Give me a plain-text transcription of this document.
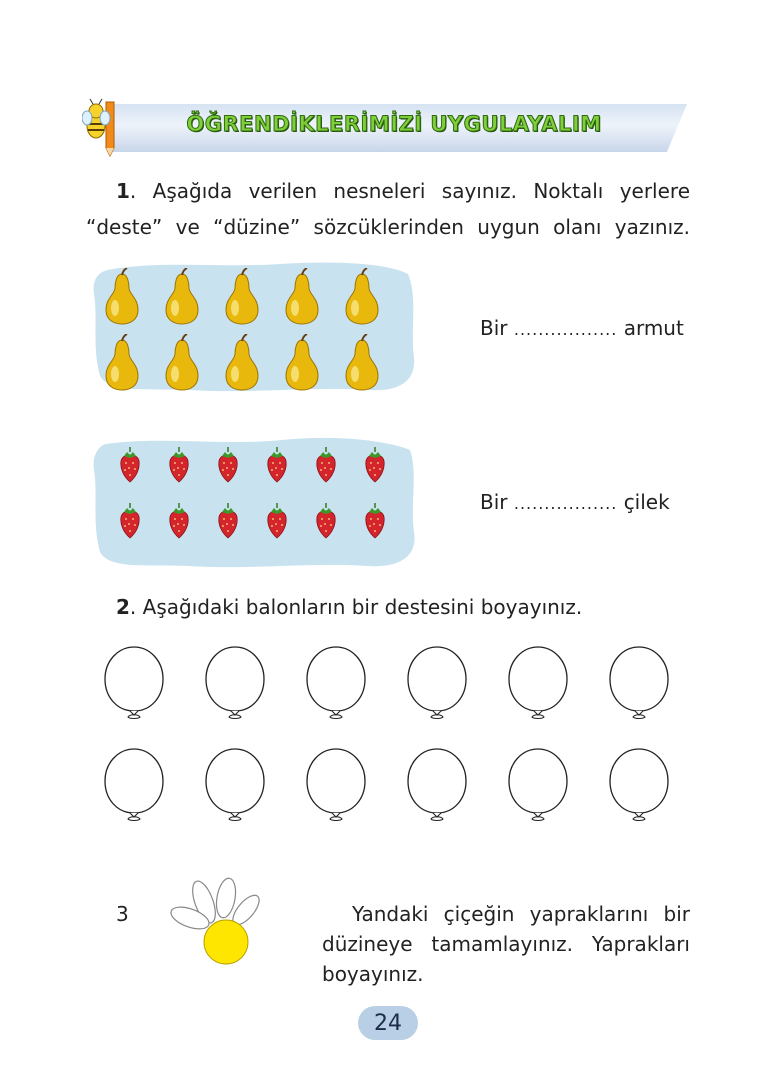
ÖĞRENDİKLERİMİZİ UYGULAYALIM
1. Aşağıda verilen nesneleri sayınız. Noktalı yerlere
“deste” ve “düzine” sözcüklerinden uygun olanı yazınız.
Bir ................. armut
Bir ................. çilek
2. Aşağıdaki balonların bir destesini boyayınız.
3	Yandaki çiçeğin yapraklarını bir
düzineye tamamlayınız. Yaprakları
boyayınız.
24
